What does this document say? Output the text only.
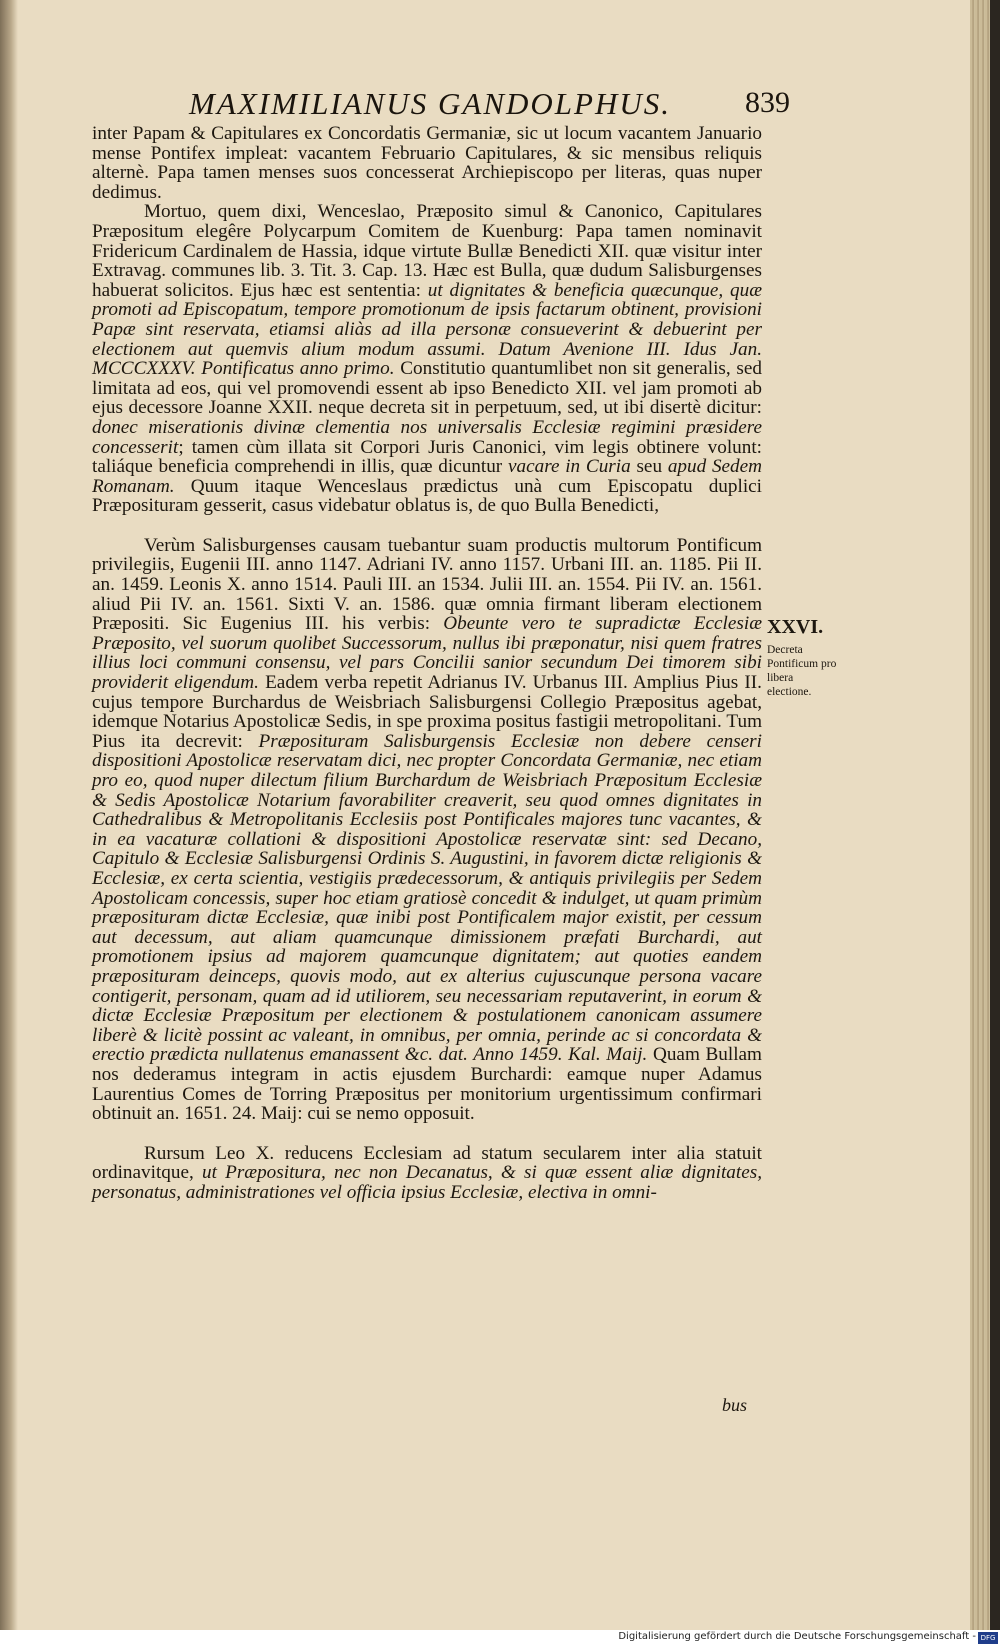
MAXIMILIANUS GANDOLPHUS.	839

inter Papam & Capitulares ex Concordatis Germaniæ, sic ut locum vacantem Januario mense Pontifex impleat: vacantem Februario Capitulares, & sic mensibus reliquis alternè. Papa tamen menses suos concesserat Archiepiscopo per literas, quas nuper dedimus.

Mortuo, quem dixi, Wenceslao, Præposito simul & Canonico, Capitulares Præpositum elegêre Polycarpum Comitem de Kuenburg: Papa tamen nominavit Fridericum Cardinalem de Hassia, idque virtute Bullæ Benedicti XII. quæ visitur inter Extravag. communes lib. 3. Tit. 3. Cap. 13. Hæc est Bulla, quæ dudum Salisburgenses habuerat solicitos. Ejus hæc est sententia: ut dignitates & beneficia quæcunque, quæ promoti ad Episcopatum, tempore promotionum de ipsis factarum obtinent, provisioni Papæ sint reservata, etiamsi aliàs ad illa personæ consueverint & debuerint per electionem aut quemvis alium modum assumi. Datum Avenione III. Idus Jan. MCCCXXXV. Pontificatus anno primo. Constitutio quantumlibet non sit generalis, sed limitata ad eos, qui vel promovendi essent ab ipso Benedicto XII. vel jam promoti ab ejus decessore Joanne XXII. neque decreta sit in perpetuum, sed, ut ibi disertè dicitur: donec miserationis divinæ clementia nos universalis Ecclesiæ regimini præsidere concesserit; tamen cùm illata sit Corpori Juris Canonici, vim legis obtinere volunt: taliáque beneficia comprehendi in illis, quæ dicuntur vacare in Curia seu apud Sedem Romanam. Quum itaque Wenceslaus prædictus unà cum Episcopatu duplici Præposituram gesserit, casus videbatur oblatus is, de quo Bulla Benedicti,

Verùm Salisburgenses causam tuebantur suam productis multorum Pontificum privilegiis, Eugenii III. anno 1147. Adriani IV. anno 1157. Urbani III. an. 1185. Pii II. an. 1459. Leonis X. anno 1514. Pauli III. an 1534. Julii III. an. 1554. Pii IV. an. 1561. aliud Pii IV. an. 1561. Sixti V. an. 1586. quæ omnia firmant liberam electionem Præpositi. Sic Eugenius III. his verbis: Obeunte vero te supradictæ Ecclesiæ Præposito, vel suorum quolibet Successorum, nullus ibi præponatur, nisi quem fratres illius loci communi consensu, vel pars Concilii sanior secundum Dei timorem sibi providerit eligendum. Eadem verba repetit Adrianus IV. Urbanus III. Amplius Pius II. cujus tempore Burchardus de Weisbriach Salisburgensi Collegio Præpositus agebat, idemque Notarius Apostolicæ Sedis, in spe proxima positus fastigii metropolitani. Tum Pius ita decrevit: Præposituram Salisburgensis Ecclesiæ non debere censeri dispositioni Apostolicæ reservatam dici, nec propter Concordata Germaniæ, nec etiam pro eo, quod nuper dilectum filium Burchardum de Weisbriach Præpositum Ecclesiæ & Sedis Apostolicæ Notarium favorabiliter creaverit, seu quod omnes dignitates in Cathedralibus & Metropolitanis Ecclesiis post Pontificales majores tunc vacantes, & in ea vacaturæ collationi & dispositioni Apostolicæ reservatæ sint: sed Decano, Capitulo & Ecclesiæ Salisburgensi Ordinis S. Augustini, in favorem dictæ religionis & Ecclesiæ, ex certa scientia, vestigiis prædecessorum, & antiquis privilegiis per Sedem Apostolicam concessis, super hoc etiam gratiosè concedit & indulget, ut quam primùm præposituram dictæ Ecclesiæ, quæ inibi post Pontificalem major existit, per cessum aut decessum, aut aliam quamcunque dimissionem præfati Burchardi, aut promotionem ipsius ad majorem quamcunque dignitatem; aut quoties eandem præposituram deinceps, quovis modo, aut ex alterius cujuscunque persona vacare contigerit, personam, quam ad id utiliorem, seu necessariam reputaverint, in eorum & dictæ Ecclesiæ Præpositum per electionem & postulationem canonicam assumere liberè & licitè possint ac valeant, in omnibus, per omnia, perinde ac si concordata & erectio prædicta nullatenus emanassent &c. dat. Anno 1459. Kal. Maij. Quam Bullam nos dederamus integram in actis ejusdem Burchardi: eamque nuper Adamus Laurentius Comes de Torring Præpositus per monitorium urgentissimum confirmari obtinuit an. 1651. 24. Maij: cui se nemo opposuit.

Rursum Leo X. reducens Ecclesiam ad statum secularem inter alia statuit ordinavitque, ut Præpositura, nec non Decanatus, & si quæ essent aliæ dignitates, personatus, administrationes vel officia ipsius Ecclesiæ, electiva in omni-

XXVI.
Decreta Pontificum pro libera electione.
bus
Digitalisierung gefördert durch die Deutsche Forschungsgemeinschaft - DFG
